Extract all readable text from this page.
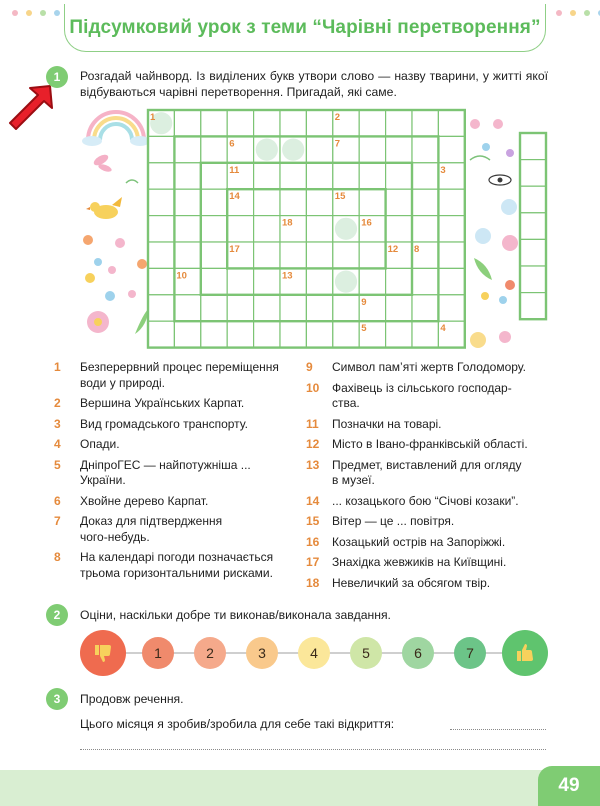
Підсумковий урок з теми “Чарівні перетворення”
1	Розгадай чайнворд. Із виділених букв утвори слово — назву тварини, у житті якої відбуваються чарівні перетворення. Пригадай, які саме.
1	2
6	7
11	3
14	15
18	16
17	12 8
10	13
9
5	4
1	Безперервний процес переміщення води у природі.
2	Вершина Українських Карпат.
3	Вид громадського транспорту.
4	Опади.
5	ДніпроГЕС — найпотужніша ... України.
6	Хвойне дерево Карпат.
7	Доказ для підтвердження чого-небудь.
8	На календарі погоди позначається трьома горизонтальними рисками.
9	Символ пам’яті жертв Голодомору.
10	Фахівець із сільського господарства.
11	Позначки на товарі.
12	Місто в Івано-франківській області.
13	Предмет, виставлений для огляду в музеї.
14	... козацького бою “Січові козаки”.
15	Вітер — це ... повітря.
16	Козацький острів на Запоріжжі.
17	Знахідка жевжиків на Київщині.
18	Невеличкий за обсягом твір.
2	Оціни, наскільки добре ти виконав/виконала завдання.
1	2	3	4	5	6	7
3	Продовж речення.
Цього місяця я зробив/зробила для себе такі відкриття:
49
